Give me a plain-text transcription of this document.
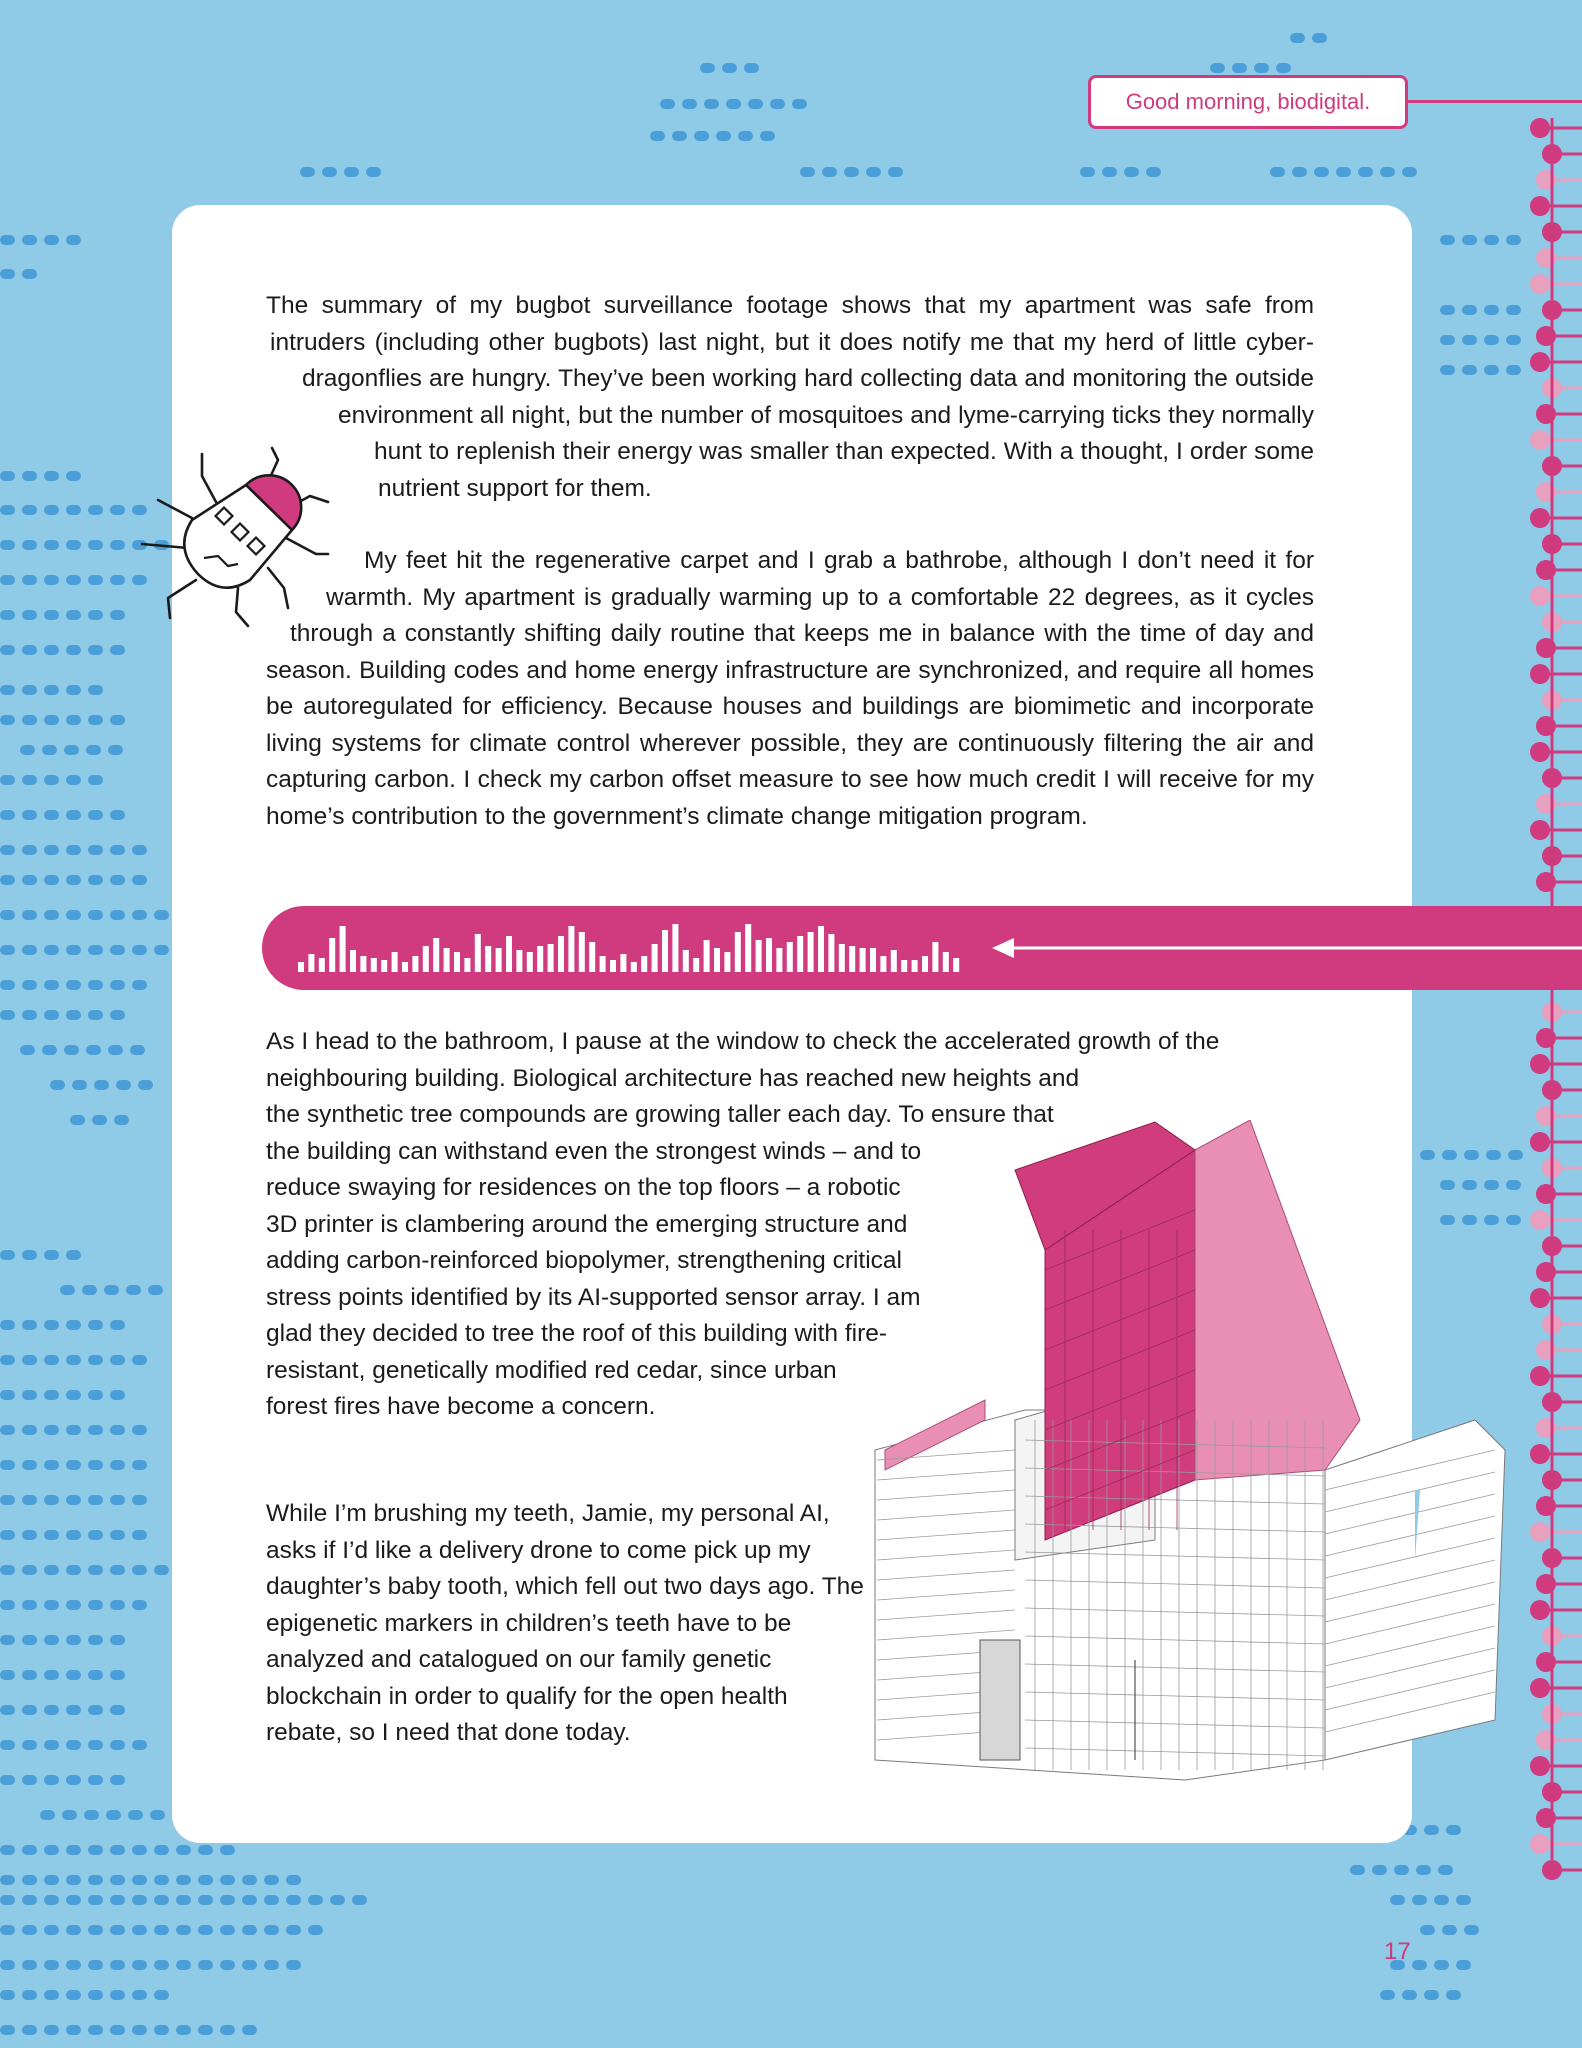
Good morning, biodigital.

The summary of my bugbot surveillance footage shows that my apartment was safe from intruders (including other bugbots) last night, but it does notify me that my herd of little cyber-dragonflies are hungry. They’ve been working hard collecting data and monitoring the outside environment all night, but the number of mosquitoes and lyme-carrying ticks they normally hunt to replenish their energy was smaller than expected. With a thought, I order some nutrient support for them.

My feet hit the regenerative carpet and I grab a bathrobe, although I don’t need it for warmth. My apartment is gradually warming up to a comfortable 22 degrees, as it cycles through a constantly shifting daily routine that keeps me in balance with the time of day and season. Building codes and home energy infrastructure are synchronized, and require all homes be autoregulated for efficiency. Because houses and buildings are biomimetic and incorporate living systems for climate control wherever possible, they are continuously filtering the air and capturing carbon. I check my carbon offset measure to see how much credit I will receive for my home’s contribution to the government’s climate change mitigation program.

As I head to the bathroom, I pause at the window to check the accelerated growth of the neighbouring building. Biological architecture has reached new heights and the synthetic tree compounds are growing taller each day. To ensure that the building can withstand even the strongest winds – and to reduce swaying for residences on the top floors – a robotic 3D printer is clambering around the emerging structure and adding carbon-reinforced biopolymer, strengthening critical stress points identified by its AI-supported sensor array. I am glad they decided to tree the roof of this building with fire-resistant, genetically modified red cedar, since urban forest fires have become a concern.

While I’m brushing my teeth, Jamie, my personal AI, asks if I’d like a delivery drone to come pick up my daughter’s baby tooth, which fell out two days ago. The epigenetic markers in children’s teeth have to be analyzed and catalogued on our family genetic blockchain in order to qualify for the open health rebate, so I need that done today.

17
